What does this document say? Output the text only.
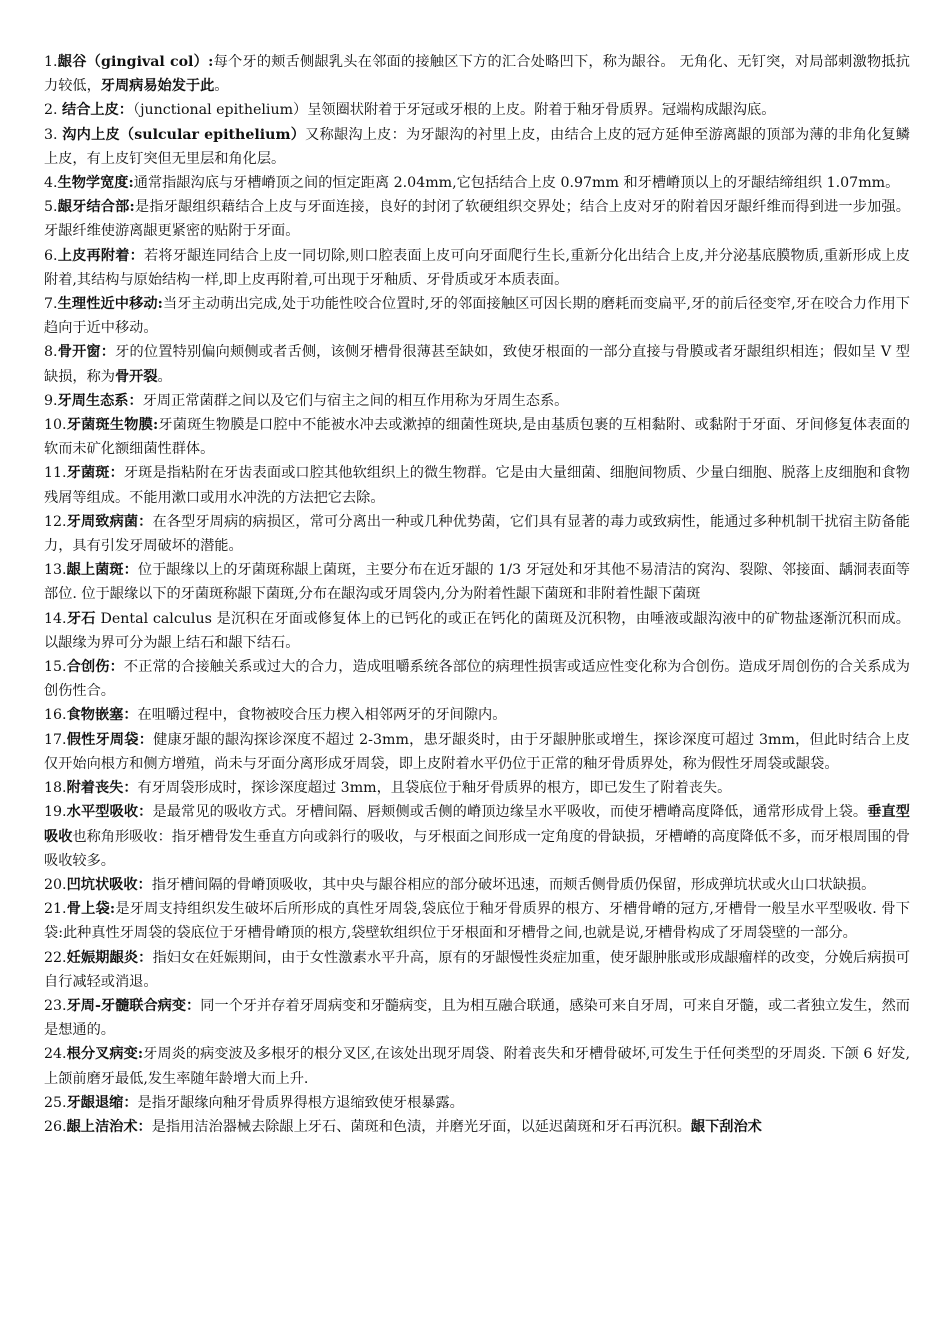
1.龈谷（gingival col）:每个牙的颊舌侧龈乳头在邻面的接触区下方的汇合处略凹下，称为龈谷。 无角化、无钉突，对局部刺激物抵抗力较低，牙周病易始发于此。

2. 结合上皮：（junctional epithelium）呈领圈状附着于牙冠或牙根的上皮。附着于釉牙骨质界。冠端构成龈沟底。

3. 沟内上皮（sulcular epithelium）又称龈沟上皮：为牙龈沟的衬里上皮，由结合上皮的冠方延伸至游离龈的顶部为薄的非角化复鳞上皮，有上皮钉突但无里层和角化层。

4.生物学宽度:通常指龈沟底与牙槽嵴顶之间的恒定距离 2.04mm,它包括结合上皮 0.97mm 和牙槽嵴顶以上的牙龈结缔组织 1.07mm。

5.龈牙结合部:是指牙龈组织藉结合上皮与牙面连接，良好的封闭了软硬组织交界处；结合上皮对牙的附着因牙龈纤维而得到进一步加强。牙龈纤维使游离龈更紧密的贴附于牙面。

6.上皮再附着：若将牙龈连同结合上皮一同切除,则口腔表面上皮可向牙面爬行生长,重新分化出结合上皮,并分泌基底膜物质,重新形成上皮附着,其结构与原始结构一样,即上皮再附着,可出现于牙釉质、牙骨质或牙本质表面。

7.生理性近中移动:当牙主动萌出完成,处于功能性咬合位置时,牙的邻面接触区可因长期的磨耗而变扁平,牙的前后径变窄,牙在咬合力作用下趋向于近中移动。

8.骨开窗：牙的位置特别偏向颊侧或者舌侧，该侧牙槽骨很薄甚至缺如，致使牙根面的一部分直接与骨膜或者牙龈组织相连；假如呈 V 型缺损，称为骨开裂。

9.牙周生态系：牙周正常菌群之间以及它们与宿主之间的相互作用称为牙周生态系。

10.牙菌斑生物膜:牙菌斑生物膜是口腔中不能被水冲去或漱掉的细菌性斑块,是由基质包裹的互相黏附、或黏附于牙面、牙间修复体表面的软而未矿化额细菌性群体。

11.牙菌斑：牙斑是指粘附在牙齿表面或口腔其他软组织上的微生物群。它是由大量细菌、细胞间物质、少量白细胞、脱落上皮细胞和食物残屑等组成。不能用漱口或用水冲洗的方法把它去除。

12.牙周致病菌：在各型牙周病的病损区，常可分离出一种或几种优势菌，它们具有显著的毒力或致病性，能通过多种机制干扰宿主防备能力，具有引发牙周破坏的潜能。

13.龈上菌斑：位于龈缘以上的牙菌斑称龈上菌斑，主要分布在近牙龈的 1/3 牙冠处和牙其他不易清洁的窝沟、裂隙、邻接面、龋洞表面等部位. 位于龈缘以下的牙菌斑称龈下菌斑,分布在龈沟或牙周袋内,分为附着性龈下菌斑和非附着性龈下菌斑

14.牙石 Dental calculus 是沉积在牙面或修复体上的已钙化的或正在钙化的菌斑及沉积物，由唾液或龈沟液中的矿物盐逐渐沉积而成。以龈缘为界可分为龈上结石和龈下结石。

15.合创伤：不正常的合接触关系或过大的合力，造成咀嚼系统各部位的病理性损害或适应性变化称为合创伤。造成牙周创伤的合关系成为创伤性合。

16.食物嵌塞：在咀嚼过程中，食物被咬合压力楔入相邻两牙的牙间隙内。

17.假性牙周袋：健康牙龈的龈沟探诊深度不超过 2-3mm，患牙龈炎时，由于牙龈肿胀或增生，探诊深度可超过 3mm，但此时结合上皮仅开始向根方和侧方增殖，尚未与牙面分离形成牙周袋，即上皮附着水平仍位于正常的釉牙骨质界处，称为假性牙周袋或龈袋。

18.附着丧失：有牙周袋形成时，探诊深度超过 3mm，且袋底位于釉牙骨质界的根方，即已发生了附着丧失。

19.水平型吸收：是最常见的吸收方式。牙槽间隔、唇颊侧或舌侧的嵴顶边缘呈水平吸收，而使牙槽嵴高度降低，通常形成骨上袋。垂直型吸收也称角形吸收：指牙槽骨发生垂直方向或斜行的吸收，与牙根面之间形成一定角度的骨缺损，牙槽嵴的高度降低不多，而牙根周围的骨吸收较多。

20.凹坑状吸收：指牙槽间隔的骨嵴顶吸收，其中央与龈谷相应的部分破坏迅速，而颊舌侧骨质仍保留，形成弹坑状或火山口状缺损。

21.骨上袋:是牙周支持组织发生破坏后所形成的真性牙周袋,袋底位于釉牙骨质界的根方、牙槽骨嵴的冠方,牙槽骨一般呈水平型吸收. 骨下袋:此种真性牙周袋的袋底位于牙槽骨嵴顶的根方,袋壁软组织位于牙根面和牙槽骨之间,也就是说,牙槽骨构成了牙周袋壁的一部分。

22.妊娠期龈炎：指妇女在妊娠期间，由于女性激素水平升高，原有的牙龈慢性炎症加重，使牙龈肿胀或形成龈瘤样的改变，分娩后病损可自行减轻或消退。

23.牙周-牙髓联合病变：同一个牙并存着牙周病变和牙髓病变，且为相互融合联通，感染可来自牙周，可来自牙髓，或二者独立发生，然而是想通的。

24.根分叉病变:牙周炎的病变波及多根牙的根分叉区,在该处出现牙周袋、附着丧失和牙槽骨破坏,可发生于任何类型的牙周炎. 下颌 6 好发,上颌前磨牙最低,发生率随年龄增大而上升.

25.牙龈退缩：是指牙龈缘向釉牙骨质界得根方退缩致使牙根暴露。

26.龈上洁治术：是指用洁治器械去除龈上牙石、菌斑和色渍，并磨光牙面，以延迟菌斑和牙石再沉积。龈下刮治术
